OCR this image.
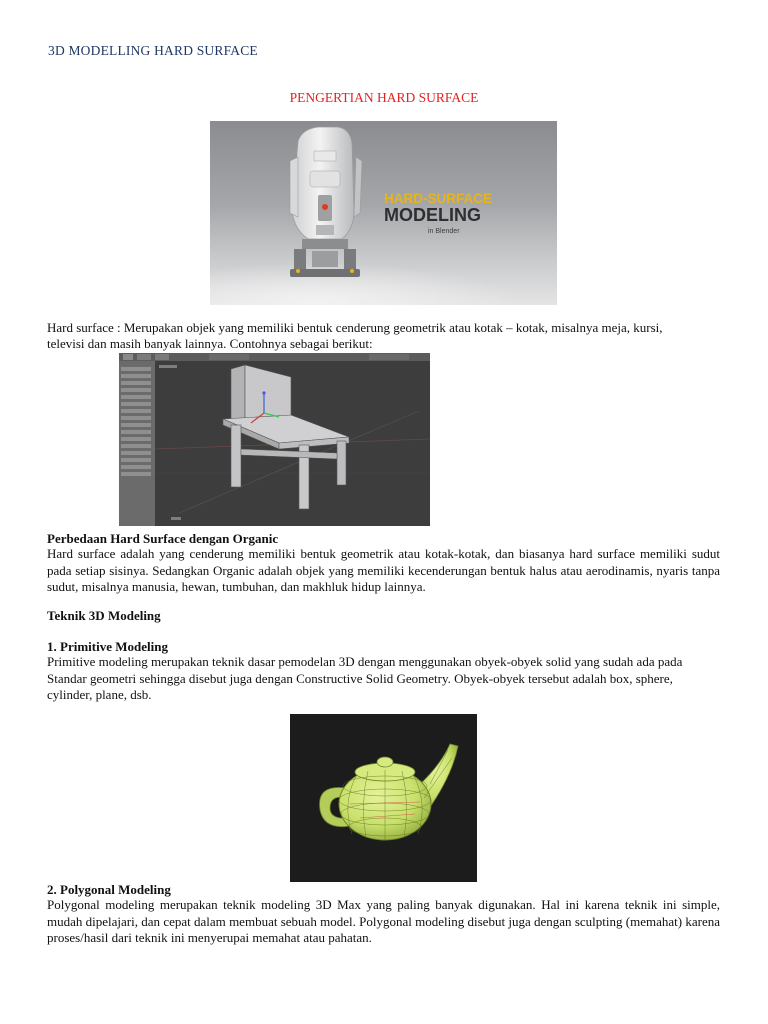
3D MODELLING HARD SURFACE
PENGERTIAN HARD SURFACE
HARD-SURFACE
MODELING
in Blender
Hard surface : Merupakan objek yang memiliki bentuk cenderung geometrik atau kotak – kotak, misalnya meja, kursi,
televisi dan masih banyak lainnya. Contohnya sebagai berikut:
Perbedaan Hard Surface dengan Organic
Hard surface adalah yang cenderung memiliki bentuk geometrik atau kotak-kotak, dan biasanya hard surface memiliki sudut pada setiap sisinya. Sedangkan Organic adalah objek yang memiliki kecenderungan bentuk halus atau aerodinamis, nyaris tanpa sudut, misalnya manusia, hewan, tumbuhan, dan makhluk hidup lainnya.
Teknik 3D Modeling
1. Primitive Modeling
Primitive modeling merupakan teknik dasar pemodelan 3D dengan menggunakan obyek-obyek solid yang sudah ada pada Standar geometri sehingga disebut juga dengan Constructive Solid Geometry. Obyek-obyek tersebut adalah box, sphere, cylinder, plane, dsb.
2. Polygonal Modeling
Polygonal modeling merupakan teknik modeling 3D Max yang paling banyak digunakan. Hal ini karena teknik ini simple, mudah dipelajari, dan cepat dalam membuat sebuah model. Polygonal modeling disebut juga dengan sculpting (memahat) karena proses/hasil dari teknik ini menyerupai memahat atau pahatan.
